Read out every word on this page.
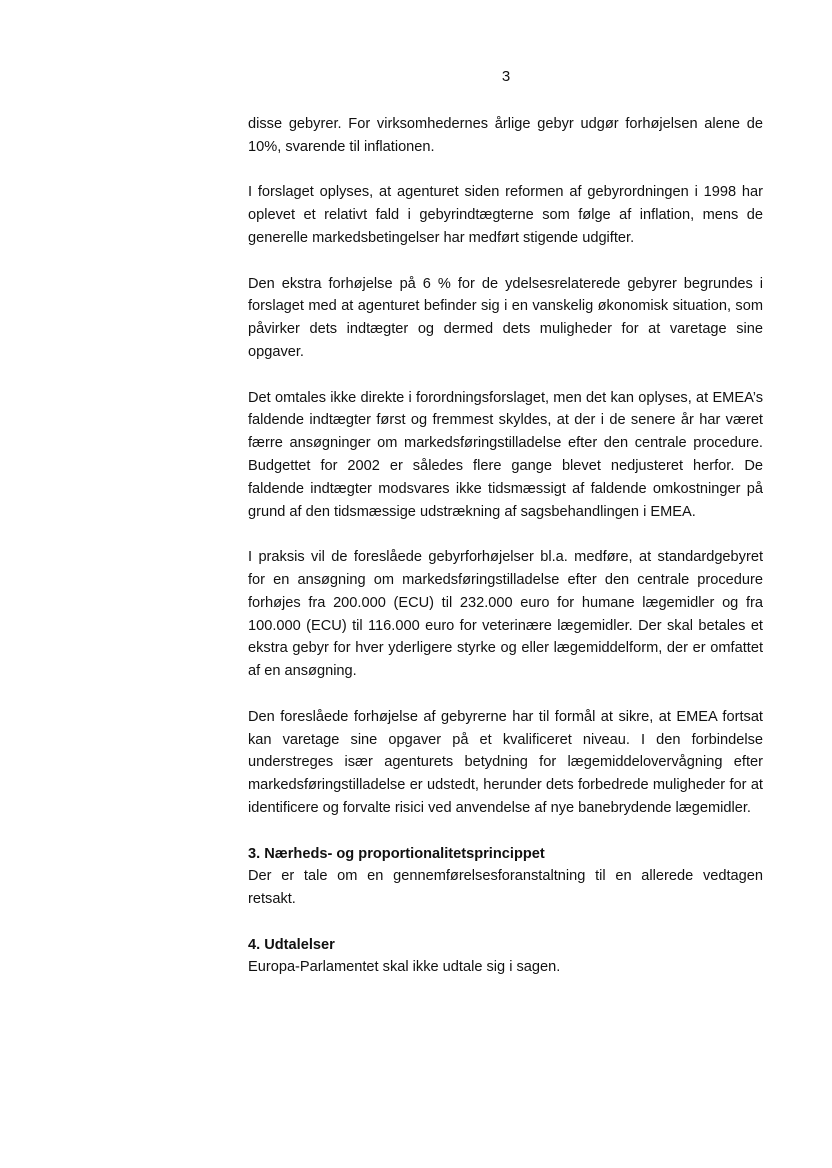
3

disse gebyrer. For virksomhedernes årlige gebyr udgør forhøjelsen alene de 10%, svarende til inflationen.

I forslaget oplyses, at agenturet siden reformen af gebyrordningen i 1998 har oplevet et relativt fald i gebyrindtægterne som følge af inflation, mens de generelle markedsbetingelser har medført stigende udgifter.

Den ekstra forhøjelse på 6 % for de ydelsesrelaterede gebyrer begrundes i forslaget med at agenturet befinder sig i en vanskelig økonomisk situation, som påvirker dets indtægter og dermed dets muligheder for at varetage sine opgaver.

Det omtales ikke direkte i forordningsforslaget, men det kan oplyses, at EMEA’s faldende indtægter først og fremmest skyldes, at der i de senere år har været færre ansøgninger om markedsføringstilladelse efter den centrale procedure. Budgettet for 2002 er således flere gange blevet nedjusteret herfor. De faldende indtægter modsvares ikke tidsmæssigt af faldende omkostninger på grund af den tidsmæssige udstrækning af sagsbehandlingen i EMEA.

I praksis vil de foreslåede gebyrforhøjelser bl.a. medføre, at standardgebyret for en ansøgning om markedsføringstilladelse efter den centrale procedure forhøjes fra 200.000 (ECU) til 232.000 euro for humane lægemidler og fra 100.000 (ECU) til 116.000 euro for veterinære lægemidler. Der skal betales et ekstra gebyr for hver yderligere styrke og eller lægemiddelform, der er omfattet af en ansøgning.

Den foreslåede forhøjelse af gebyrerne har til formål at sikre, at EMEA fortsat kan varetage sine opgaver på et kvalificeret niveau. I den forbindelse understreges især agenturets betydning for lægemiddelovervågning efter markedsføringstilladelse er udstedt, herunder dets forbedrede muligheder for at identificere og forvalte risici ved anvendelse af nye banebrydende lægemidler.

3. Nærheds- og proportionalitetsprincippet

Der er tale om en gennemførelsesforanstaltning til en allerede vedtagen retsakt.

4. Udtalelser

Europa-Parlamentet skal ikke udtale sig i sagen.
